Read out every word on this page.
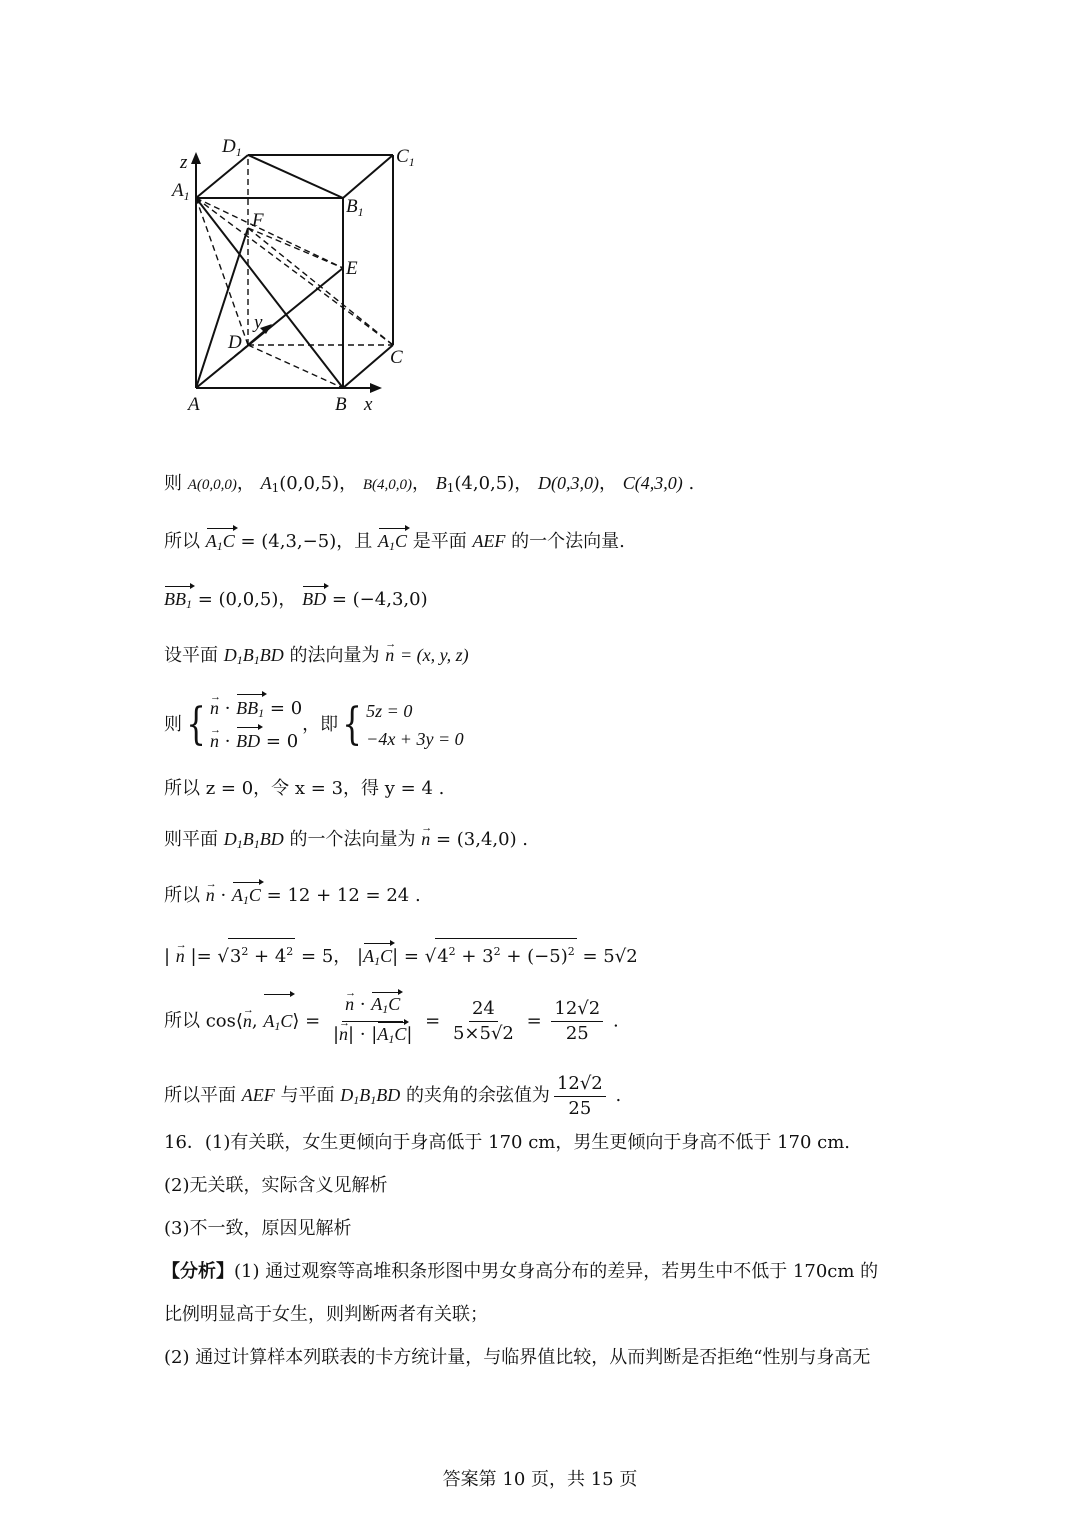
$D_1$	$C_1$
$A_1$	$B_1$
F
E
D
C
A	B x
y
z
则 A(0,0,0)， $A_1(0,0,5)$， B(4,0,0)， $B_1(4,0,5)$， D(0,3,0)， C(4,3,0) .
所以 $A_1C = (4,3,-5)$，且 $A_1C$ 是平面 AEF 的一个法向量.
$BB_1 = (0,0,5)$， BD = (−4,3,0)
设平面 $D_1B_1BD$ 的法向量为 → n = (x, y, z)
则{ → $n \cdot BB_1 = 0$
→ n · BD = 0
，即{ 5z = 0
−4x + 3y = 0
所以 z = 0，令 x = 3，得 y = 4 .
则平面 $D_1B_1BD$ 的一个法向量为 → n = (3,4,0) .
所以 → $n \cdot A_1C = 12 + 12 = 24$ .
| → n |= $√3^2 + 4^2 = 5$， $|A_1C| = √4^2 + 3^2 + (-5)^2 = 5√2$
所以 cos⟨→ n, $A_1C⟩$ = → $\frac{n \cdot A_1C}{|\to n| \cdot |A_1C|} = \frac{24}{5\times 5√2} = \frac{12√2}{25}$ .
所以平面 AEF 与平面 $D_1B_1BD$ 的夹角的余弦值为 $\frac{12√2}{25}$ .
16．(1)有关联，女生更倾向于身高低于 170 cm，男生更倾向于身高不低于 170 cm.
(2)无关联，实际含义见解析
(3)不一致，原因见解析
【分析】(1) 通过观察等高堆积条形图中男女身高分布的差异，若男生中不低于 170cm 的
比例明显高于女生，则判断两者有关联；
(2) 通过计算样本列联表的卡方统计量，与临界值比较，从而判断是否拒绝“性别与身高无
答案第 10 页，共 15 页
